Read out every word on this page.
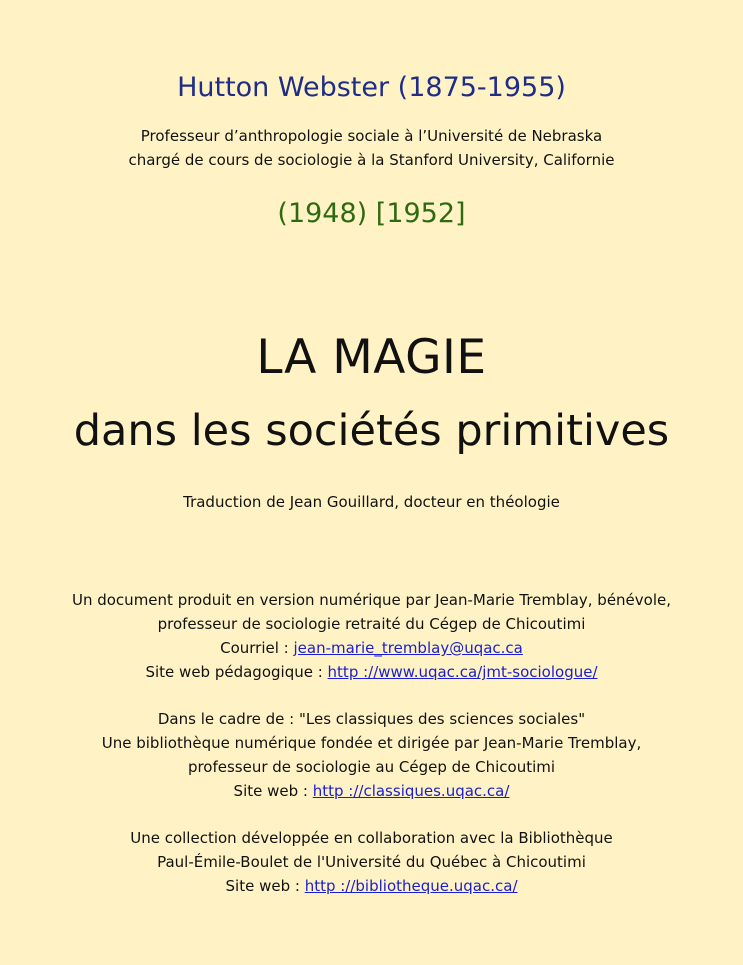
Hutton Webster (1875-1955)
Professeur d’anthropologie sociale à l’Université de Nebraska
chargé de cours de sociologie à la Stanford University, Californie
(1948) [1952]
LA MAGIE
dans les sociétés primitives
Traduction de Jean Gouillard, docteur en théologie
Un document produit en version numérique par Jean-Marie Tremblay, bénévole,
professeur de sociologie retraité du Cégep de Chicoutimi
Courriel : jean-marie_tremblay@uqac.ca
Site web pédagogique : http ://www.uqac.ca/jmt-sociologue/
Dans le cadre de : "Les classiques des sciences sociales"
Une bibliothèque numérique fondée et dirigée par Jean-Marie Tremblay,
professeur de sociologie au Cégep de Chicoutimi
Site web : http ://classiques.uqac.ca/
Une collection développée en collaboration avec la Bibliothèque
Paul-Émile-Boulet de l'Université du Québec à Chicoutimi
Site web : http ://bibliotheque.uqac.ca/
